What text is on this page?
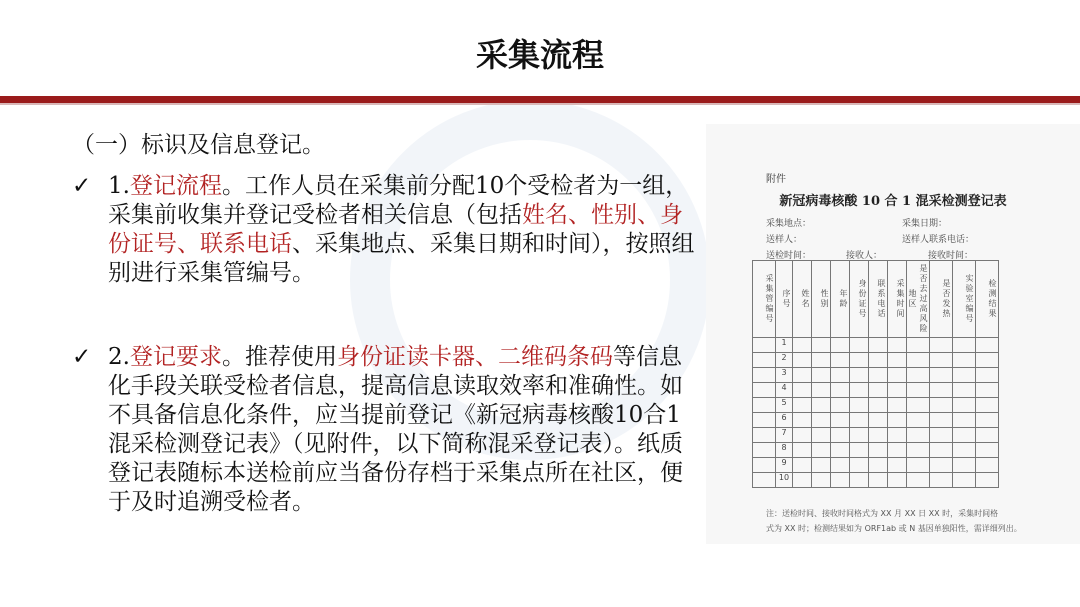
采集流程
（一）标识及信息登记。
✓ 1.登记流程。工作人员在采集前分配10个受检者为一组，采集前收集并登记受检者相关信息（包括姓名、性别、身份证号、联系电话、采集地点、采集日期和时间），按照组别进行采集管编号。
✓ 2.登记要求。推荐使用身份证读卡器、二维码条码等信息化手段关联受检者信息，提高信息读取效率和准确性。如不具备信息化条件，应当提前登记《新冠病毒核酸10合1混采检测登记表》（见附件，以下简称混采登记表）。纸质登记表随标本送检前应当备份存档于采集点所在社区，便于及时追溯受检者。
附件
新冠病毒核酸 10 合 1 混采检测登记表
采集地点：	采集日期：
送样人：	送样人联系电话：
送检时间：	接收人：	接收时间：
采集管编号	序号	姓名	性别	年龄	身份证号	联系电话	采集时间	是否去过高风险地区	是否发热	实验室编号	检测结果
	1										
	2										
	3										
	4										
	5										
	6										
	7										
	8										
	9										
	10										
注：送检时间、接收时间格式为 XX 月 XX 日 XX 时，采集时间格
式为 XX 时；检测结果如为 ORF1ab 或 N 基因单独阳性，需详细列出。
